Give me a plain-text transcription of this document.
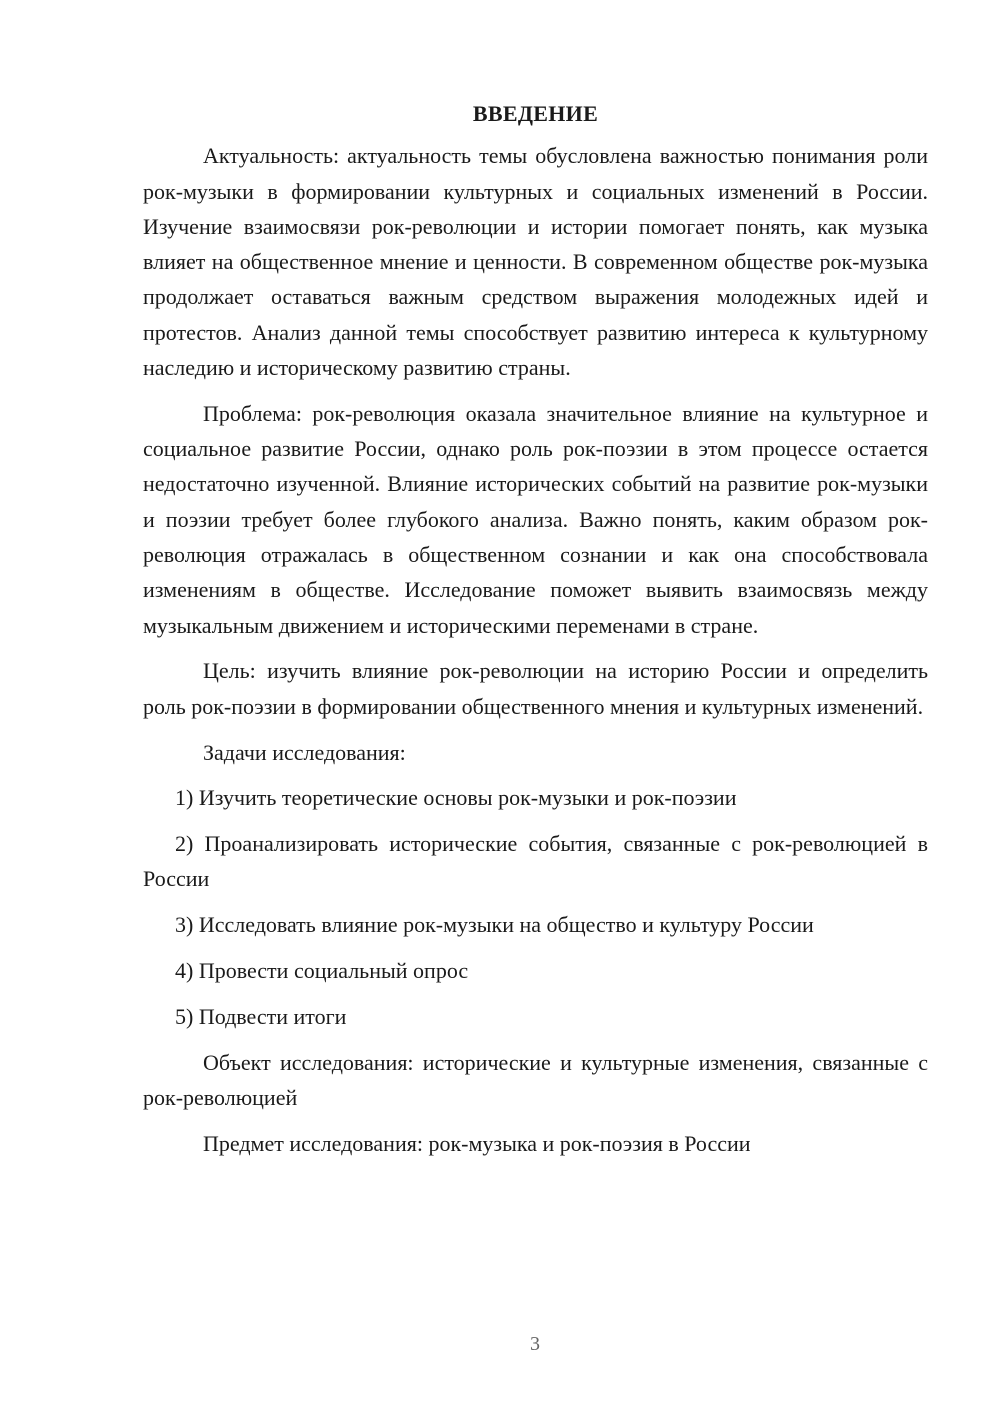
ВВЕДЕНИЕ

Актуальность: актуальность темы обусловлена важностью понимания роли рок-музыки в формировании культурных и социальных изменений в России. Изучение взаимосвязи рок-революции и истории помогает понять, как музыка влияет на общественное мнение и ценности. В современном обществе рок-музыка продолжает оставаться важным средством выражения молодежных идей и протестов. Анализ данной темы способствует развитию интереса к культурному наследию и историческому развитию страны.

Проблема: рок-революция оказала значительное влияние на культурное и социальное развитие России, однако роль рок-поэзии в этом процессе остается недостаточно изученной. Влияние исторических событий на развитие рок-музыки и поэзии требует более глубокого анализа. Важно понять, каким образом рок-революция отражалась в общественном сознании и как она способствовала изменениям в обществе. Исследование поможет выявить взаимосвязь между музыкальным движением и историческими переменами в стране.

Цель: изучить влияние рок-революции на историю России и определить роль рок-поэзии в формировании общественного мнения и культурных изменений.

Задачи исследования:

1) Изучить теоретические основы рок-музыки и рок-поэзии

2) Проанализировать исторические события, связанные с рок-революцией в России

3) Исследовать влияние рок-музыки на общество и культуру России

4) Провести социальный опрос

5) Подвести итоги

Объект исследования: исторические и культурные изменения, связанные с рок-революцией

Предмет исследования: рок-музыка и рок-поэзия в России

3
